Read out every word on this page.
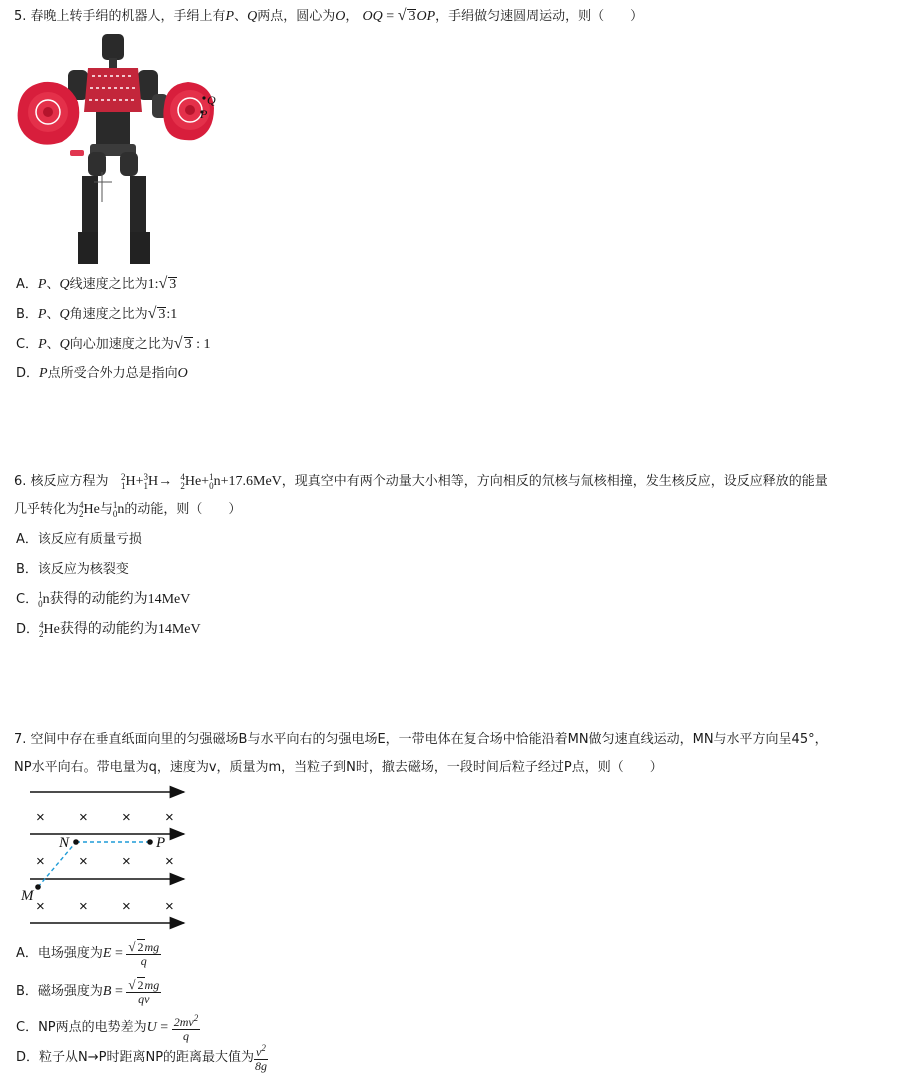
5. 春晚上转手绢的机器人，手绢上有P、Q两点，圆心为O， OQ = √ 3OP，手绢做匀速圆周运动，则（　　）
Q
P
A．P、Q线速度之比为1:√ 3
B．P、Q角速度之比为√ 3:1
C．P、Q向心加速度之比为√ 3 : 1
D．P点所受合外力总是指向O
6. 核反应方程为 2
1 H+ 3
1 H→ 4
2 He+ 1
0 n+17.6MeV，现真空中有两个动量大小相等，方向相反的氘核与氚核相撞，发生核反应，设反应释放的能量
几乎转化为 4
2 He与 1
0 n的动能，则（　　）
A．该反应有质量亏损
B．该反应为核裂变
C． 1
0 n获得的动能约为14MeV
D． 4
2 He获得的动能约为14MeV
7. 空间中存在垂直纸面向里的匀强磁场B与水平向右的匀强电场E，一带电体在复合场中恰能沿着MN做匀速直线运动，MN与水平方向呈45°，
NP水平向右。带电量为q，速度为v，质量为m，当粒子到N时，撤去磁场，一段时间后粒子经过P点，则（　　）
× × × ×
× × × ×
× × × ×
M
N	P
A．电场强度为$E = \frac{√ 2mg}{q}$
B．磁场强度为$B = \frac{√ 2mg}{qv}$
C．NP两点的电势差为$U = \frac{2mv^2}{q}$
D．粒子从N→P时距离NP的距离最大值为 $\frac{v^2}{8g}$
